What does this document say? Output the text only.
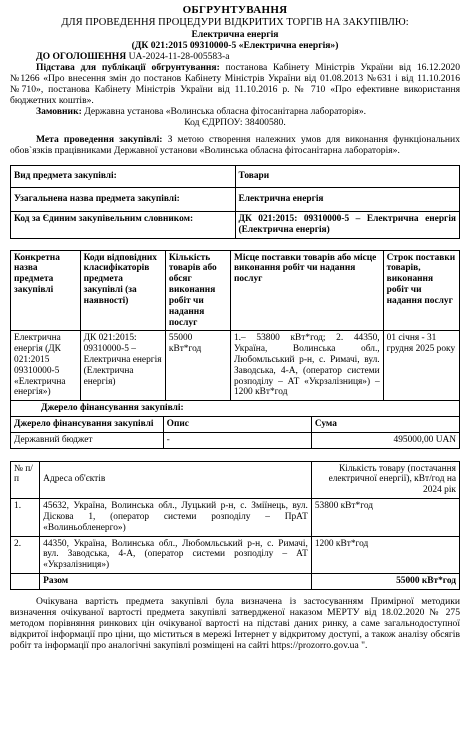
ОБГРУНТУВАННЯ

ДЛЯ ПРОВЕДЕННЯ ПРОЦЕДУРИ ВІДКРИТИХ ТОРГІВ НА ЗАКУПІВЛЮ:

Електрична енергія

(ДК 021:2015 09310000-5 «Електрична енергія»)

ДО ОГОЛОШЕННЯ UA-2024-11-28-005583-a

Підстава для публікації обгрунтування: постанова Кабінету Міністрів України від 16.12.2020 №1266 «Про внесення змін до постанов Кабінету Міністрів України від 01.08.2013 №631 і від 11.10.2016 №710», постанова Кабінету Міністрів України від 11.10.2016 р. № 710 «Про ефективне використання бюджетних коштів».

Замовник: Державна установа «Волинська обласна фітосанітарна лабораторія».

Код ЄДРПОУ: 38400580.

Мета проведення закупівлі: З метою створення належних умов для виконання функціональних обов`язків працівниками Державної установи «Волинська обласна фітосанітарна лабораторія».

Вид предмета закупівлі:	Товари
Узагальнена назва предмета закупівлі:	Електрична енергія
Код за Єдиним закупівельним словником:	ДК 021:2015: 09310000-5 – Електрична енергія (Електрична енергія)
Конкретна назва предмета закупівлі	Коди відповідних класифікаторів предмета закупівлі (за наявності)	Кількість товарів або обсяг виконання робіт чи надання послуг	Місце поставки товарів або місце виконання робіт чи надання послуг	Строк поставки товарів, виконання робіт чи надання послуг
Електрична енергія (ДК 021:2015 09310000-5 «Електрична енергія»)	ДК 021:2015: 09310000-5 – Електрична енергія (Електрична енергія)	55000 кВт*год	1.– 53800 кВт*год; 2. 44350, Україна, Волинська обл., Любомльський р-н, с. Римачі, вул. Заводська, 4-А, (оператор системи розподілу – АТ «Укрзалізниця») – 1200 кВт*год	01 січня - 31 грудня 2025 року
Джерело фінансування закупівлі:		
Джерело фінансування закупівлі	Опис	Сума
Державний бюджет	-	495000,00 UAN
№ п/п	Адреса об'єктів	Кількість товару (постачання електричної енергії), кВт/год на 2024 рік
1.	45632, Україна, Волинська обл., Луцький р-н, с. Зміїнець, вул. Діскова 1, (оператор системи розподілу – ПрАТ «Волиньобленерго»)	53800 кВт*год
2.	44350, Україна, Волинська обл., Любомльський р-н, с. Римачі, вул. Заводська, 4-А, (оператор системи розподілу – АТ «Укрзалізниця»)	1200 кВт*год
	Разом	55000 кВт*год

Очікувана вартість предмета закупівлі була визначена із застосуванням Примірної методики визначення очікуваної вартості предмета закупівлі затвердженої наказом МЕРТУ від 18.02.2020 № 275 методом порівняння ринкових цін очікуваної вартості на підставі даних ринку, а саме загальнодоступної відкритої інформації про ціни, що міститься в мережі Інтернет у відкритому доступі, а також аналізу обсягів робіт та інформації про аналогічні закупівлі розміщені на сайті https://prozorro.gov.ua ".
